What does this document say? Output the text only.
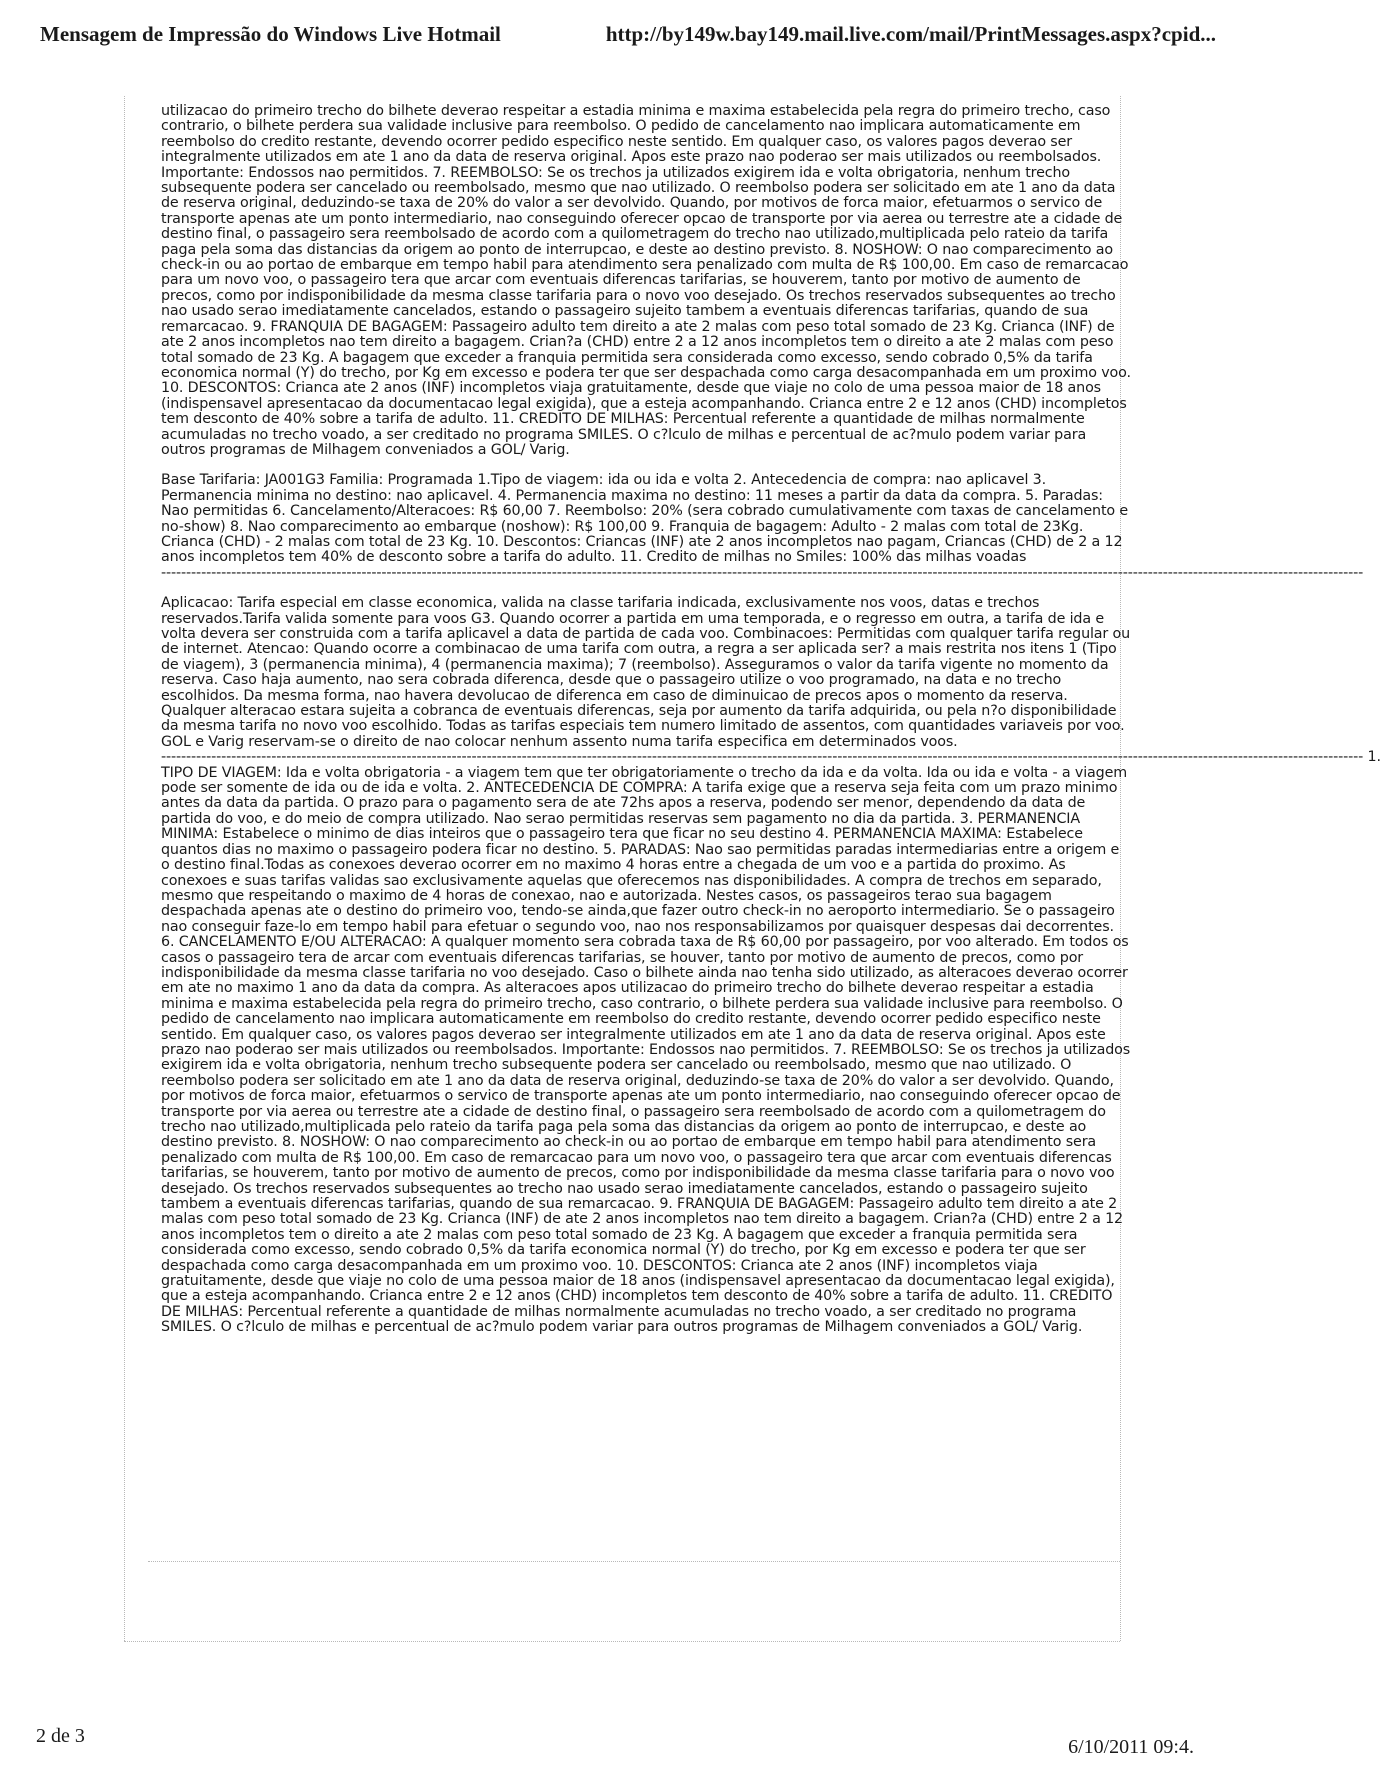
Mensagem de Impressão do Windows Live Hotmail	http://by149w.bay149.mail.live.com/mail/PrintMessages.aspx?cpid...

utilizacao do primeiro trecho do bilhete deverao respeitar a estadia minima e maxima estabelecida pela regra do primeiro trecho, caso contrario, o bilhete perdera sua validade inclusive para reembolso. O pedido de cancelamento nao implicara automaticamente em reembolso do credito restante, devendo ocorrer pedido especifico neste sentido. Em qualquer caso, os valores pagos deverao ser integralmente utilizados em ate 1 ano da data de reserva original. Apos este prazo nao poderao ser mais utilizados ou reembolsados. Importante: Endossos nao permitidos. 7. REEMBOLSO: Se os trechos ja utilizados exigirem ida e volta obrigatoria, nenhum trecho subsequente podera ser cancelado ou reembolsado, mesmo que nao utilizado. O reembolso podera ser solicitado em ate 1 ano da data de reserva original, deduzindo-se taxa de 20% do valor a ser devolvido. Quando, por motivos de forca maior, efetuarmos o servico de transporte apenas ate um ponto intermediario, nao conseguindo oferecer opcao de transporte por via aerea ou terrestre ate a cidade de destino final, o passageiro sera reembolsado de acordo com a quilometragem do trecho nao utilizado,multiplicada pelo rateio da tarifa paga pela soma das distancias da origem ao ponto de interrupcao, e deste ao destino previsto. 8. NOSHOW: O nao comparecimento ao check-in ou ao portao de embarque em tempo habil para atendimento sera penalizado com multa de R$ 100,00. Em caso de remarcacao para um novo voo, o passageiro tera que arcar com eventuais diferencas tarifarias, se houverem, tanto por motivo de aumento de precos, como por indisponibilidade da mesma classe tarifaria para o novo voo desejado. Os trechos reservados subsequentes ao trecho nao usado serao imediatamente cancelados, estando o passageiro sujeito tambem a eventuais diferencas tarifarias, quando de sua remarcacao. 9. FRANQUIA DE BAGAGEM: Passageiro adulto tem direito a ate 2 malas com peso total somado de 23 Kg. Crianca (INF) de ate 2 anos incompletos nao tem direito a bagagem. Crian?a (CHD) entre 2 a 12 anos incompletos tem o direito a ate 2 malas com peso total somado de 23 Kg. A bagagem que exceder a franquia permitida sera considerada como excesso, sendo cobrado 0,5% da tarifa economica normal (Y) do trecho, por Kg em excesso e podera ter que ser despachada como carga desacompanhada em um proximo voo. 10. DESCONTOS: Crianca ate 2 anos (INF) incompletos viaja gratuitamente, desde que viaje no colo de uma pessoa maior de 18 anos (indispensavel apresentacao da documentacao legal exigida), que a esteja acompanhando. Crianca entre 2 e 12 anos (CHD) incompletos tem desconto de 40% sobre a tarifa de adulto. 11. CREDITO DE MILHAS: Percentual referente a quantidade de milhas normalmente acumuladas no trecho voado, a ser creditado no programa SMILES. O c?lculo de milhas e percentual de ac?mulo podem variar para outros programas de Milhagem conveniados a GOL/ Varig.

Base Tarifaria: JA001G3 Familia: Programada 1.Tipo de viagem: ida ou ida e volta 2. Antecedencia de compra: nao aplicavel 3. Permanencia minima no destino: nao aplicavel. 4. Permanencia maxima no destino: 11 meses a partir da data da compra. 5. Paradas: Nao permitidas 6. Cancelamento/Alteracoes: R$ 60,00 7. Reembolso: 20% (sera cobrado cumulativamente com taxas de cancelamento e no-show) 8. Nao comparecimento ao embarque (noshow): R$ 100,00 9. Franquia de bagagem: Adulto - 2 malas com total de 23Kg. Crianca (CHD) - 2 malas com total de 23 Kg. 10. Descontos: Criancas (INF) ate 2 anos incompletos nao pagam, Criancas (CHD) de 2 a 12 anos incompletos tem 40% de desconto sobre a tarifa do adulto. 11. Credito de milhas no Smiles: 100% das milhas voadas

------------------------------------------------------------------------------------------------------------------------------------------------------------------------------------------------------------------------------------------------

Aplicacao: Tarifa especial em classe economica, valida na classe tarifaria indicada, exclusivamente nos voos, datas e trechos reservados.Tarifa valida somente para voos G3. Quando ocorrer a partida em uma temporada, e o regresso em outra, a tarifa de ida e volta devera ser construida com a tarifa aplicavel a data de partida de cada voo. Combinacoes: Permitidas com qualquer tarifa regular ou de internet. Atencao: Quando ocorre a combinacao de uma tarifa com outra, a regra a ser aplicada ser? a mais restrita nos itens 1 (Tipo de viagem), 3 (permanencia minima), 4 (permanencia maxima); 7 (reembolso). Asseguramos o valor da tarifa vigente no momento da reserva. Caso haja aumento, nao sera cobrada diferenca, desde que o passageiro utilize o voo programado, na data e no trecho escolhidos. Da mesma forma, nao havera devolucao de diferenca em caso de diminuicao de precos apos o momento da reserva. Qualquer alteracao estara sujeita a cobranca de eventuais diferencas, seja por aumento da tarifa adquirida, ou pela n?o disponibilidade da mesma tarifa no novo voo escolhido. Todas as tarifas especiais tem numero limitado de assentos, com quantidades variaveis por voo. GOL e Varig reservam-se o direito de nao colocar nenhum assento numa tarifa especifica em determinados voos.

------------------------------------------------------------------------------------------------------------------------------------------------------------------------------------------------------------------------------------------------ 1.

TIPO DE VIAGEM: Ida e volta obrigatoria - a viagem tem que ter obrigatoriamente o trecho da ida e da volta. Ida ou ida e volta - a viagem pode ser somente de ida ou de ida e volta. 2. ANTECEDENCIA DE COMPRA: A tarifa exige que a reserva seja feita com um prazo minimo antes da data da partida. O prazo para o pagamento sera de ate 72hs apos a reserva, podendo ser menor, dependendo da data de partida do voo, e do meio de compra utilizado. Nao serao permitidas reservas sem pagamento no dia da partida. 3. PERMANENCIA MINIMA: Estabelece o minimo de dias inteiros que o passageiro tera que ficar no seu destino 4. PERMANENCIA MAXIMA: Estabelece quantos dias no maximo o passageiro podera ficar no destino. 5. PARADAS: Nao sao permitidas paradas intermediarias entre a origem e o destino final.Todas as conexoes deverao ocorrer em no maximo 4 horas entre a chegada de um voo e a partida do proximo. As conexoes e suas tarifas validas sao exclusivamente aquelas que oferecemos nas disponibilidades. A compra de trechos em separado, mesmo que respeitando o maximo de 4 horas de conexao, nao e autorizada. Nestes casos, os passageiros terao sua bagagem despachada apenas ate o destino do primeiro voo, tendo-se ainda,que fazer outro check-in no aeroporto intermediario. Se o passageiro nao conseguir faze-lo em tempo habil para efetuar o segundo voo, nao nos responsabilizamos por quaisquer despesas dai decorrentes. 6. CANCELAMENTO E/OU ALTERACAO: A qualquer momento sera cobrada taxa de R$ 60,00 por passageiro, por voo alterado. Em todos os casos o passageiro tera de arcar com eventuais diferencas tarifarias, se houver, tanto por motivo de aumento de precos, como por indisponibilidade da mesma classe tarifaria no voo desejado. Caso o bilhete ainda nao tenha sido utilizado, as alteracoes deverao ocorrer em ate no maximo 1 ano da data da compra. As alteracoes apos utilizacao do primeiro trecho do bilhete deverao respeitar a estadia minima e maxima estabelecida pela regra do primeiro trecho, caso contrario, o bilhete perdera sua validade inclusive para reembolso. O pedido de cancelamento nao implicara automaticamente em reembolso do credito restante, devendo ocorrer pedido especifico neste sentido. Em qualquer caso, os valores pagos deverao ser integralmente utilizados em ate 1 ano da data de reserva original. Apos este prazo nao poderao ser mais utilizados ou reembolsados. Importante: Endossos nao permitidos. 7. REEMBOLSO: Se os trechos ja utilizados exigirem ida e volta obrigatoria, nenhum trecho subsequente podera ser cancelado ou reembolsado, mesmo que nao utilizado. O reembolso podera ser solicitado em ate 1 ano da data de reserva original, deduzindo-se taxa de 20% do valor a ser devolvido. Quando, por motivos de forca maior, efetuarmos o servico de transporte apenas ate um ponto intermediario, nao conseguindo oferecer opcao de transporte por via aerea ou terrestre ate a cidade de destino final, o passageiro sera reembolsado de acordo com a quilometragem do trecho nao utilizado,multiplicada pelo rateio da tarifa paga pela soma das distancias da origem ao ponto de interrupcao, e deste ao destino previsto. 8. NOSHOW: O nao comparecimento ao check-in ou ao portao de embarque em tempo habil para atendimento sera penalizado com multa de R$ 100,00. Em caso de remarcacao para um novo voo, o passageiro tera que arcar com eventuais diferencas tarifarias, se houverem, tanto por motivo de aumento de precos, como por indisponibilidade da mesma classe tarifaria para o novo voo desejado. Os trechos reservados subsequentes ao trecho nao usado serao imediatamente cancelados, estando o passageiro sujeito tambem a eventuais diferencas tarifarias, quando de sua remarcacao. 9. FRANQUIA DE BAGAGEM: Passageiro adulto tem direito a ate 2 malas com peso total somado de 23 Kg. Crianca (INF) de ate 2 anos incompletos nao tem direito a bagagem. Crian?a (CHD) entre 2 a 12 anos incompletos tem o direito a ate 2 malas com peso total somado de 23 Kg. A bagagem que exceder a franquia permitida sera considerada como excesso, sendo cobrado 0,5% da tarifa economica normal (Y) do trecho, por Kg em excesso e podera ter que ser despachada como carga desacompanhada em um proximo voo. 10. DESCONTOS: Crianca ate 2 anos (INF) incompletos viaja gratuitamente, desde que viaje no colo de uma pessoa maior de 18 anos (indispensavel apresentacao da documentacao legal exigida), que a esteja acompanhando. Crianca entre 2 e 12 anos (CHD) incompletos tem desconto de 40% sobre a tarifa de adulto. 11. CREDITO DE MILHAS: Percentual referente a quantidade de milhas normalmente acumuladas no trecho voado, a ser creditado no programa SMILES. O c?lculo de milhas e percentual de ac?mulo podem variar para outros programas de Milhagem conveniados a GOL/ Varig.

2 de 3	6/10/2011 09:4.
